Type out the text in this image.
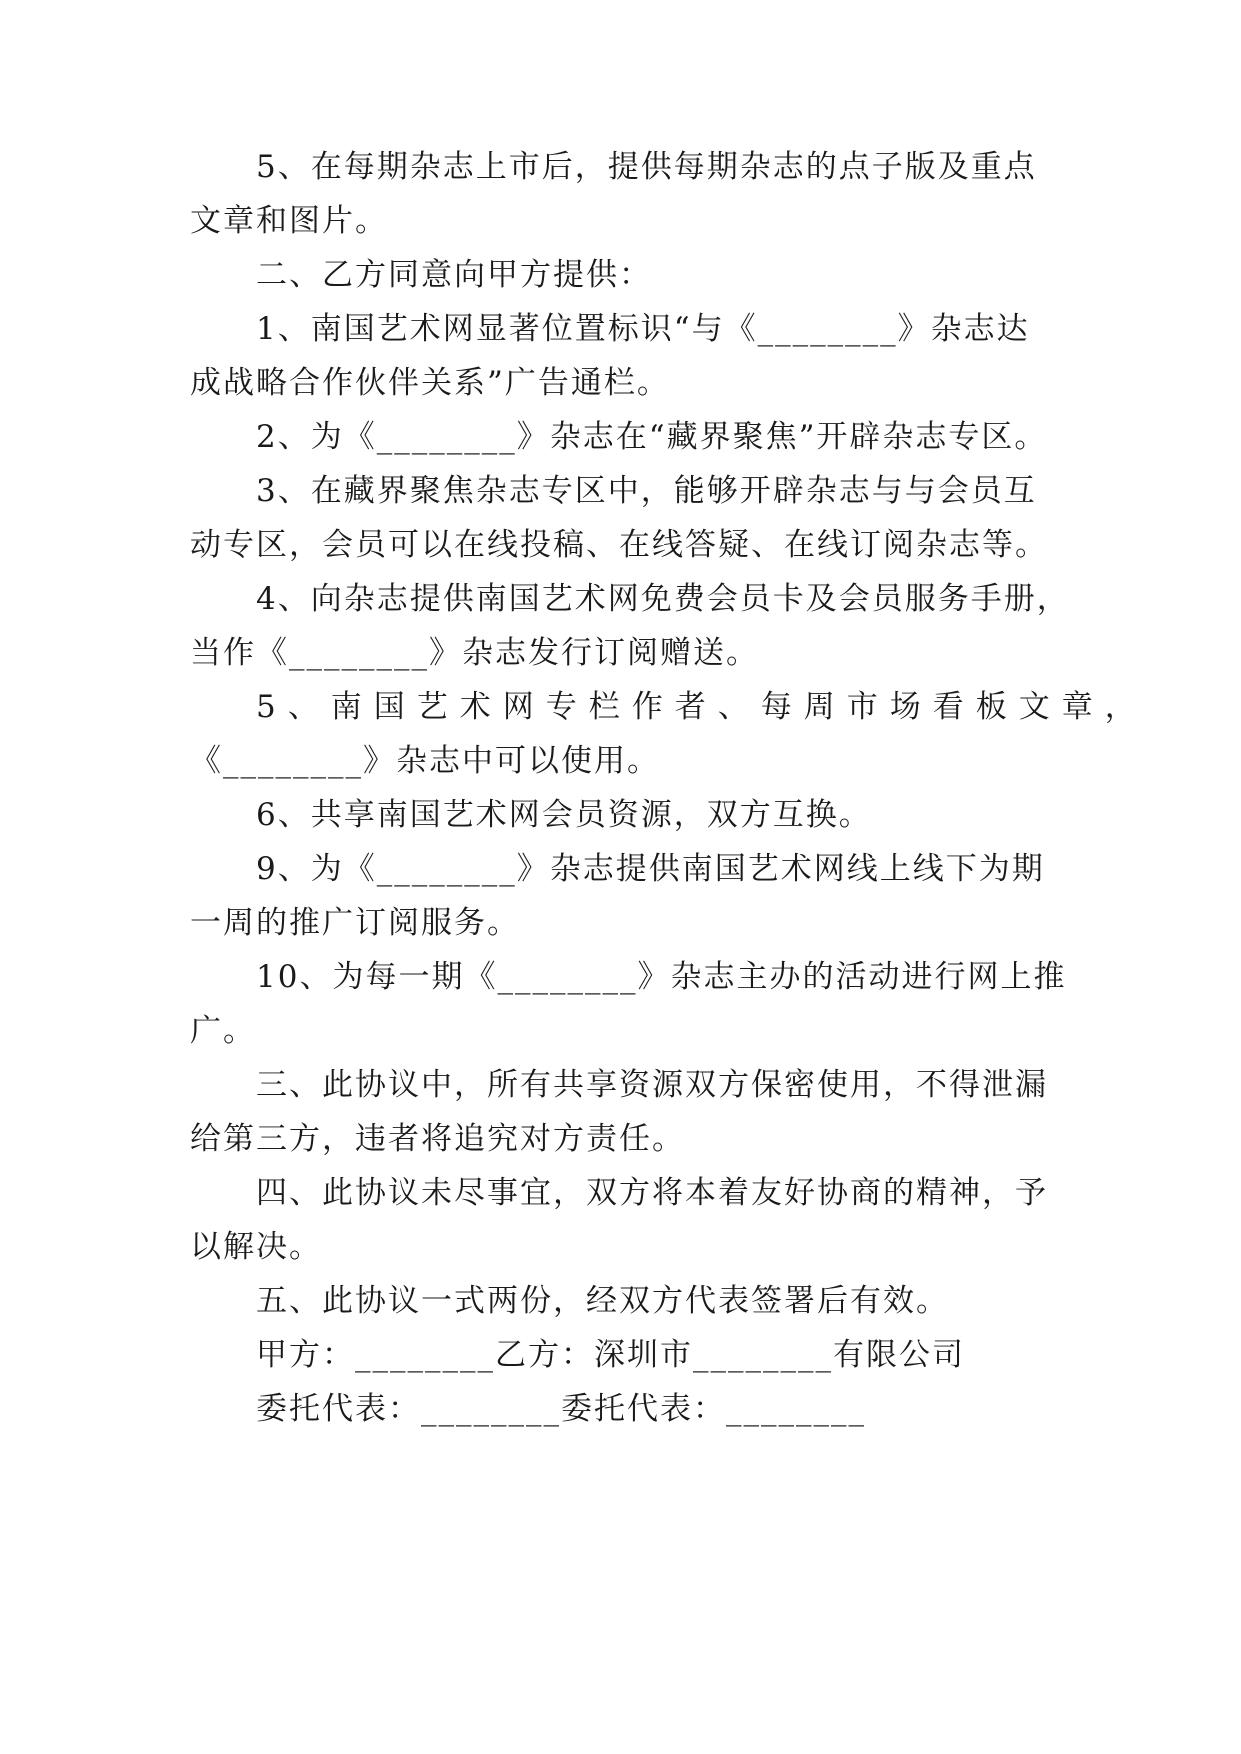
5、在每期杂志上市后，提供每期杂志的点子版及重点
文章和图片。
二、乙方同意向甲方提供：
1、南国艺术网显著位置标识“与《________》杂志达
成战略合作伙伴关系”广告通栏。
2、为《________》杂志在“藏界聚焦”开辟杂志专区。
3、在藏界聚焦杂志专区中，能够开辟杂志与与会员互
动专区，会员可以在线投稿、在线答疑、在线订阅杂志等。
4、向杂志提供南国艺术网免费会员卡及会员服务手册，
当作《________》杂志发行订阅赠送。
5、南国艺术网专栏作者、每周市场看板文章，
《________》杂志中可以使用。
6、共享南国艺术网会员资源，双方互换。
9、为《________》杂志提供南国艺术网线上线下为期
一周的推广订阅服务。
10、为每一期《________》杂志主办的活动进行网上推
广。
三、此协议中，所有共享资源双方保密使用，不得泄漏
给第三方，违者将追究对方责任。
四、此协议未尽事宜，双方将本着友好协商的精神，予
以解决。
五、此协议一式两份，经双方代表签署后有效。
甲方：________乙方：深圳市________有限公司
委托代表：________委托代表：________
